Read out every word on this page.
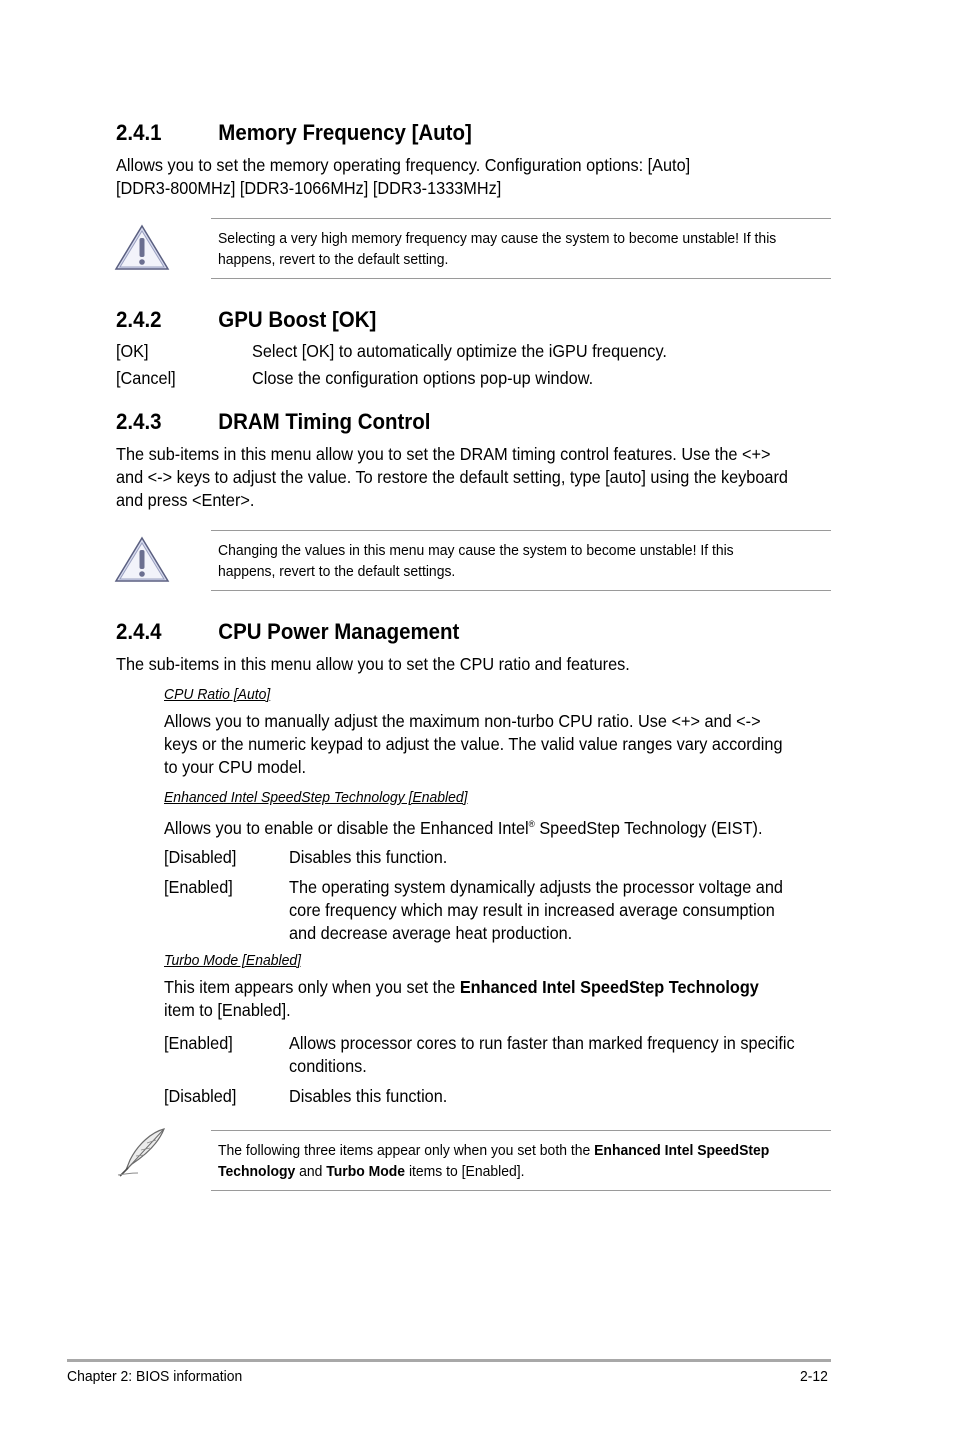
2.4.1	Memory Frequency [Auto]
Allows you to set the memory operating frequency. Configuration options: [Auto]
[DDR3-800MHz] [DDR3-1066MHz] [DDR3-1333MHz]
Selecting a very high memory frequency may cause the system to become unstable! If this
happens, revert to the default setting.
2.4.2	GPU Boost [OK]
[OK]	Select [OK] to automatically optimize the iGPU frequency.
[Cancel]	Close the configuration options pop-up window.
2.4.3	DRAM Timing Control
The sub-items in this menu allow you to set the DRAM timing control features. Use the <+>
and <-> keys to adjust the value. To restore the default setting, type [auto] using the keyboard
and press <Enter>.
Changing the values in this menu may cause the system to become unstable! If this
happens, revert to the default settings.
2.4.4	CPU Power Management
The sub-items in this menu allow you to set the CPU ratio and features.
CPU Ratio [Auto]
Allows you to manually adjust the maximum non-turbo CPU ratio. Use <+> and <->
keys or the numeric keypad to adjust the value. The valid value ranges vary according
to your CPU model.
Enhanced Intel SpeedStep Technology [Enabled]
Allows you to enable or disable the Enhanced Intel® SpeedStep Technology (EIST).
[Disabled]	Disables this function.
[Enabled]	The operating system dynamically adjusts the processor voltage and
core frequency which may result in increased average consumption
and decrease average heat production.
Turbo Mode [Enabled]
This item appears only when you set the Enhanced Intel SpeedStep Technology
item to [Enabled].
[Enabled]	Allows processor cores to run faster than marked frequency in specific
conditions.
[Disabled]	Disables this function.
The following three items appear only when you set both the Enhanced Intel SpeedStep
Technology and Turbo Mode items to [Enabled].
Chapter 2: BIOS information	2-12
